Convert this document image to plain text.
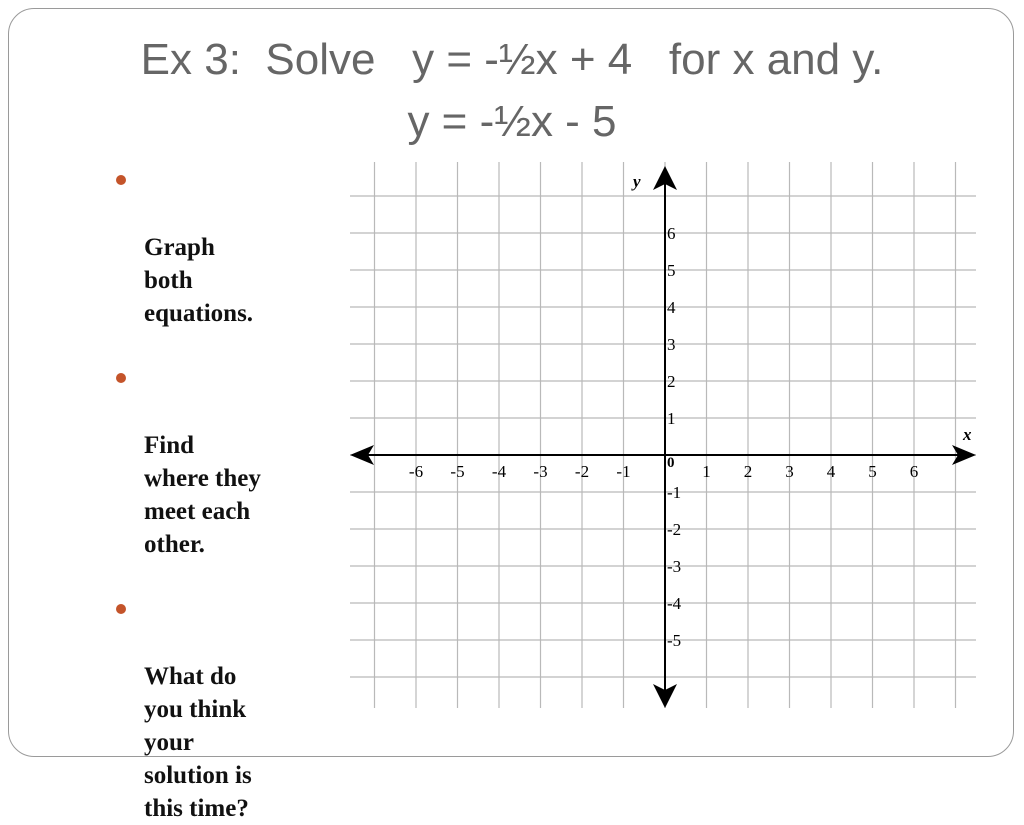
Ex 3:  Solve   y = -½x + 4   for x and y.
y = -½x - 5

Graph
both
equations.

Find
where they
meet each
other.

What do
you think
your
solution is
this time?

x
y
0
-6 -5 -4 -3 -2 -1	1 2 3 4 5 6
6
5
4
3
2
1
-1
-2
-3
-4
-5
